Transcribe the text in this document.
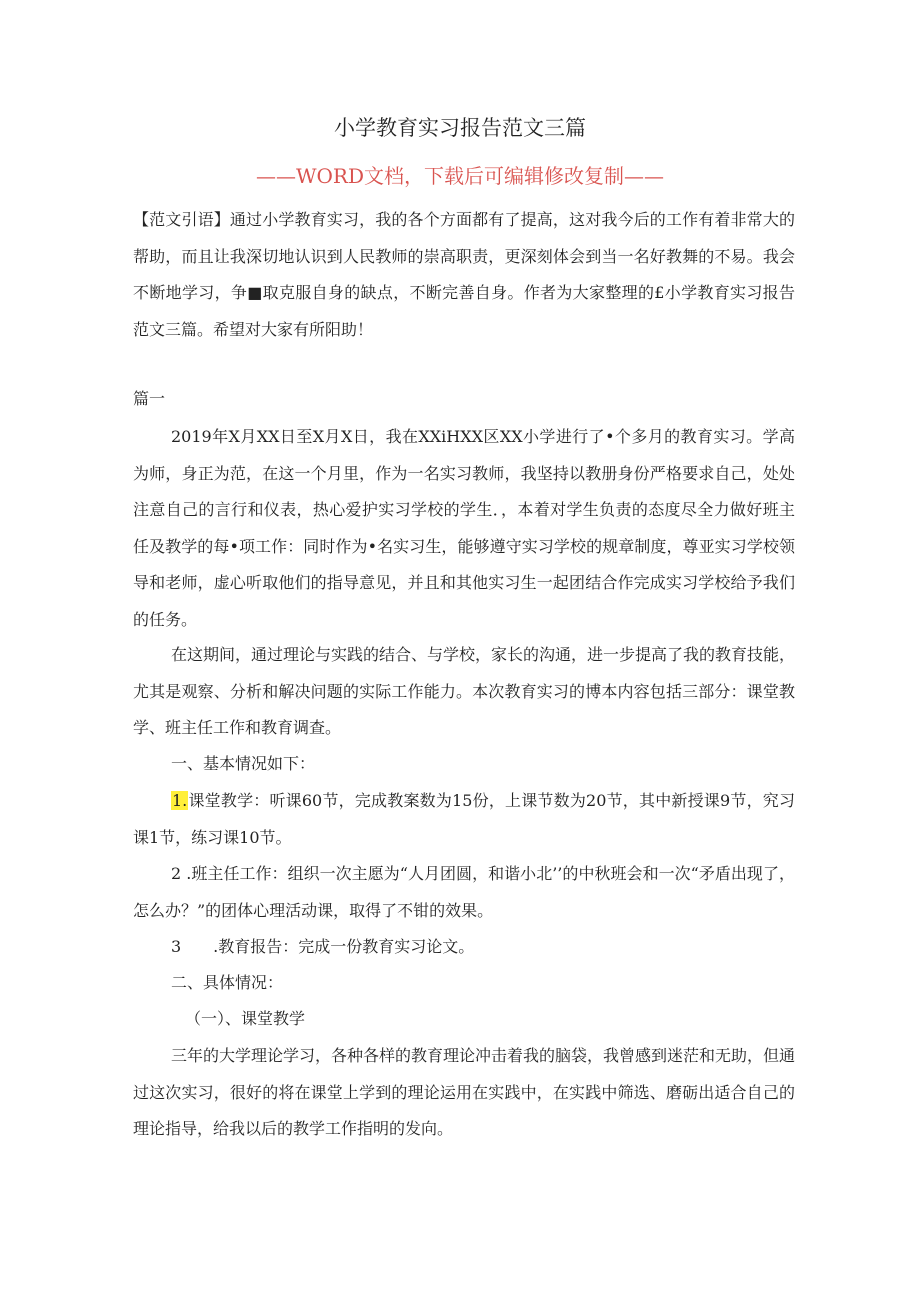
小学教育实习报告范文三篇
——WORD文档，下载后可编辑修改复制——
【范文引语】通过小学教育实习，我的各个方面都有了提高，这对我今后的工作有着非常大的帮助，而且让我深切地认识到人民教师的崇高职责，更深刻体会到当一名好教舞的不易。我会不断地学习，争■取克服自身的缺点，不断完善自身。作者为大家整理的£小学教育实习报告范文三篇。希望对大家有所阳助！
篇一
2019年X月XX日至X月X日，我在XXiHXX区XX小学进行了•个多月的教育实习。学高为师，身正为范，在这一个月里，作为一名实习教师，我坚持以教册身份严格要求自己，处处注意自己的言行和仪表，热心爱护实习学校的学生．，本着对学生负责的态度尽全力做好班主任及教学的每•项工作：同时作为•名实习生，能够遵守实习学校的规章制度，尊亚实习学校领导和老师，虚心听取他们的指导意见，并且和其他实习生一起团结合作完成实习学校给予我们的任务。
在这期间，通过理论与实践的结合、与学校，家长的沟通，进一步提高了我的教育技能，尤其是观察、分析和解决问题的实际工作能力。本次教育实习的博本内容包括三部分：课堂教学、班主任工作和教育调查。
一、基本情况如下：
1.课堂教学：听课60节，完成教案数为15份，上课节数为20节，其中新授课9节，究习课1节，练习课10节。
2 .班主任工作：组织一次主愿为“人月团圆，和谐小北’’的中秋班会和一次“矛盾出现了，怎么办？”的团体心理活动课，取得了不钳的效果。
3　　.教育报告：完成一份教育实习论文。
二、具体情况：
（一）、课堂教学
三年的大学理论学习，各种各样的教育理论冲击着我的脑袋，我曾感到迷茫和无助，但通过这次实习，很好的将在课堂上学到的理论运用在实践中，在实践中筛选、磨砺出适合自己的理论指导，给我以后的教学工作指明的发向。
